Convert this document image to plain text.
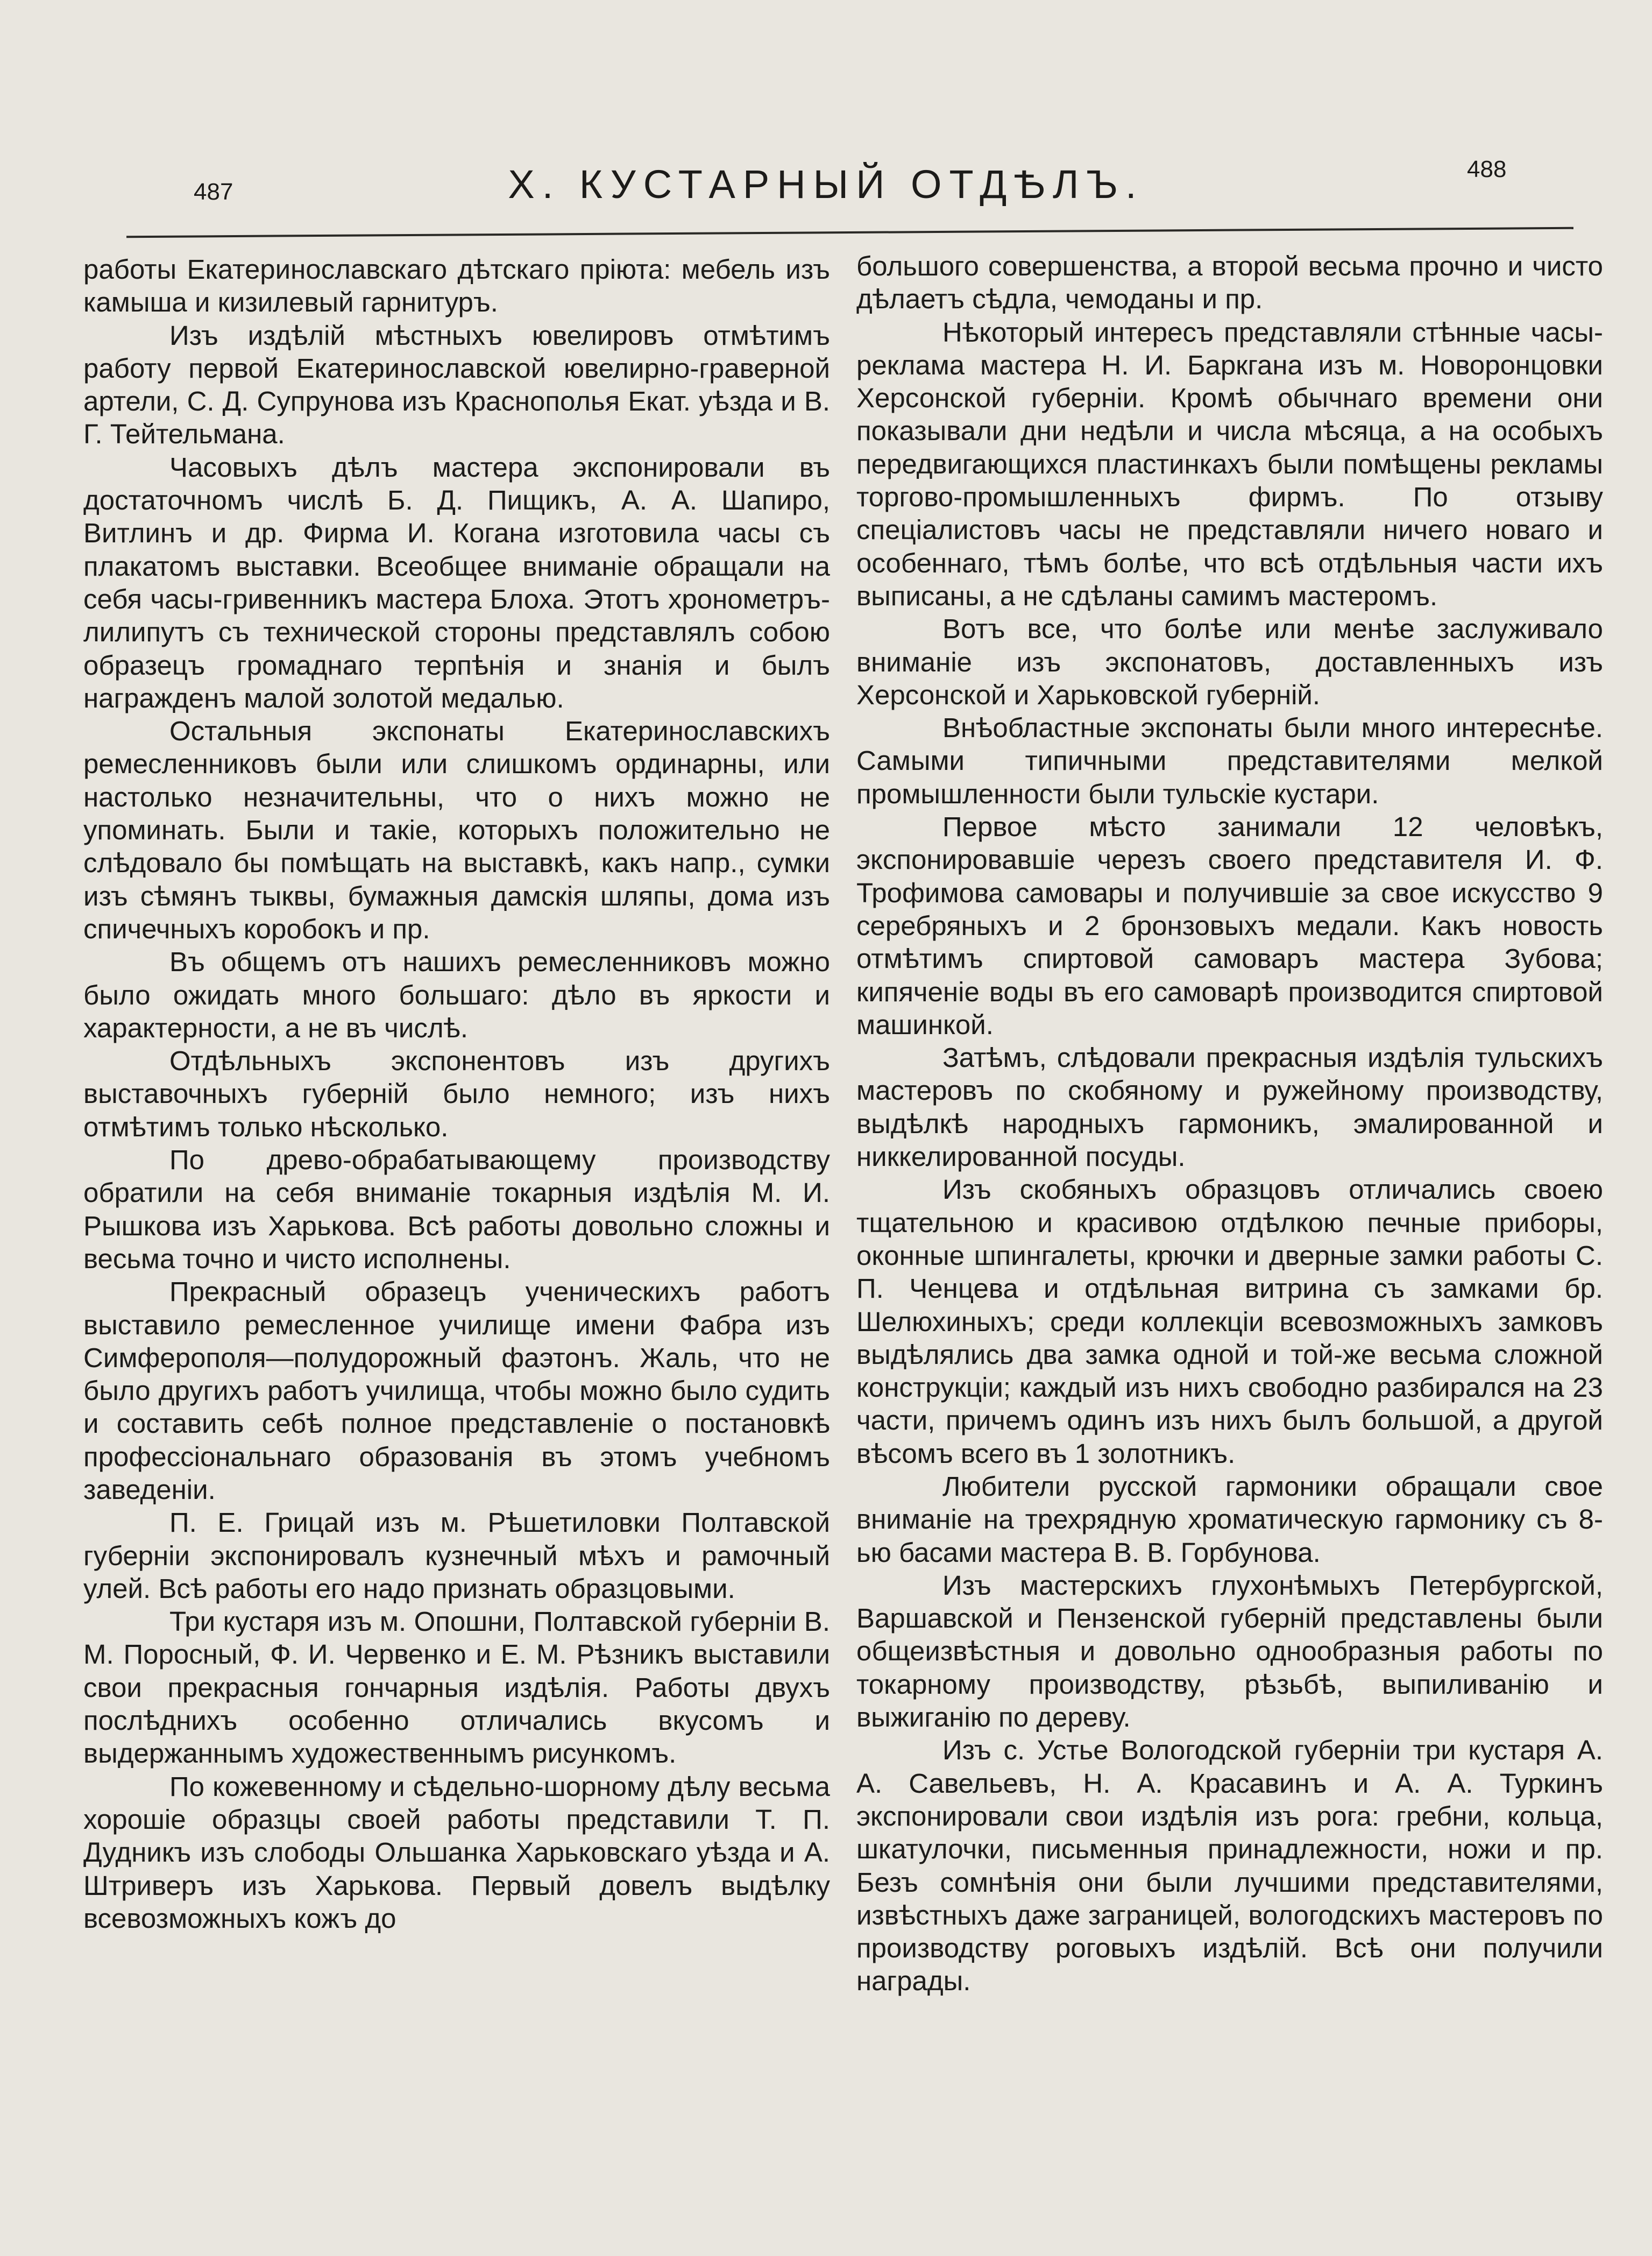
487	X. КУСТАРНЫЙ ОТДѢЛЪ.	488

работы Екатеринославскагo дѣтскагo пріюта: мебель изъ камыша и кизилевый гарнитуръ.

Изъ издѣлій мѣстныхъ ювелировъ отмѣтимъ работу первой Екатеринославской ювелирно-граверной артели, С. Д. Супрунова изъ Краснополья Екат. уѣзда и В. Г. Тейтельмана.

Часовыхъ дѣлъ мастера экспонировали въ достаточномъ числѣ Б. Д. Пищикъ, А. А. Шапиро, Витлинъ и др. Фирма И. Когана изготовила часы съ плакатомъ выставки. Всеобщее вниманіе обращали на себя часы-гривенникъ мастера Блоха. Этотъ хронометръ-лилипутъ съ технической стороны представлялъ собою образецъ громаднаго терпѣнія и знанія и былъ награжденъ малой золотой медалью.

Остальныя экспонаты Екатеринославскихъ ремесленниковъ были или слишкомъ ординарны, или настолько незначительны, что о нихъ можно не упоминать. Были и такіе, которыхъ положительно не слѣдовало бы помѣщать на выставкѣ, какъ напр., сумки изъ сѣмянъ тыквы, бумажныя дамскія шляпы, дома изъ спичечныхъ коробокъ и пр.

Въ общемъ отъ нашихъ ремесленниковъ можно было ожидать много большаго: дѣло въ яркости и характерности, а не въ числѣ.

Отдѣльныхъ экспонентовъ изъ другихъ выставочныхъ губерній было немного; изъ нихъ отмѣтимъ только нѣсколько.

По древо-обрабатывающему производству обратили на себя вниманіе токарныя издѣлія М. И. Рышкова изъ Харькова. Всѣ работы довольно сложны и весьма точно и чисто исполнены.

Прекрасный образецъ ученическихъ работъ выставило ремесленное училище имени Фабра изъ Симферополя—полудорожный фаэтонъ. Жаль, что не было другихъ работъ училища, чтобы можно было судить и составить себѣ полное представленіе о постановкѣ профессіональнаго образованія въ этомъ учебномъ заведеніи.

П. Е. Грицай изъ м. Рѣшетиловки Полтавской губерніи экспонировалъ кузнечный мѣхъ и рамочный улей. Всѣ работы его надо признать образцовыми.

Три кустаря изъ м. Опошни, Полтавской губерніи В. М. Поросный, Ф. И. Червенко и Е. М. Рѣзникъ выставили свои прекрасныя гончарныя издѣлія. Работы двухъ послѣднихъ особенно отличались вкусомъ и выдержаннымъ художественнымъ рисункомъ.

По кожевенному и сѣдельно-шорному дѣлу весьма хорошіе образцы своей работы представили Т. П. Дудникъ изъ слободы Ольшанка Харьковскагo уѣзда и А. Штриверъ изъ Харькова. Первый довелъ выдѣлку всевозможныхъ кожъ до

большого совершенства, а второй весьма прочно и чисто дѣлаетъ сѣдла, чемоданы и пр.

Нѣкоторый интересъ представляли стѣнные часы-реклама мастера Н. И. Баркгана изъ м. Новоронцовки Херсонской губерніи. Кромѣ обычнаго времени они показывали дни недѣли и числа мѣсяца, а на особыхъ передвигающихся пластинкахъ были помѣщены рекламы торгово-промышленныхъ фирмъ. По отзыву спеціалистовъ часы не представляли ничего новаго и особеннаго, тѣмъ болѣе, что всѣ отдѣльныя части ихъ выписаны, а не сдѣланы самимъ мастеромъ.

Вотъ все, что болѣе или менѣе заслуживало вниманіе изъ экспонатовъ, доставленныхъ изъ Херсонской и Харьковской губерній.

Внѣобластные экспонаты были много интереснѣе. Самыми типичными представителями мелкой промышленности были тульскіе кустари.

Первое мѣсто занимали 12 человѣкъ, экспонировавшіе черезъ своего представителя И. Ф. Трофимова самовары и получившіе за свое искусство 9 серебряныхъ и 2 бронзовыхъ медали. Какъ новость отмѣтимъ спиртовой самоваръ мастера Зубова; кипяченіе воды въ его самоварѣ производится спиртовой машинкой.

Затѣмъ, слѣдовали прекрасныя издѣлія тульскихъ мастеровъ по скобяному и ружейному производству, выдѣлкѣ народныхъ гармоникъ, эмалированной и никкелированной посуды.

Изъ скобяныхъ образцовъ отличались своею тщательною и красивою отдѣлкою печные приборы, оконные шпингалеты, крючки и дверные замки работы С. П. Ченцева и отдѣльная витрина съ замками бр. Шелюхиныхъ; среди коллекціи всевозможныхъ замковъ выдѣлялись два замка одной и той-же весьма сложной конструкціи; каждый изъ нихъ свободно разбирался на 23 части, причемъ одинъ изъ нихъ былъ большой, а другой вѣсомъ всего въ 1 золотникъ.

Любители русской гармоники обращали свое вниманіе на трехрядную хроматическую гармонику съ 8-ью басами мастера В. В. Горбунова.

Изъ мастерскихъ глухонѣмыхъ Петербургской, Варшавской и Пензенской губерній представлены были общеизвѣстныя и довольно однообразныя работы по токарному производству, рѣзьбѣ, выпиливанію и выжиганію по дереву.

Изъ с. Устье Вологодской губерніи три кустаря А. А. Савельевъ, Н. А. Красавинъ и А. А. Туркинъ экспонировали свои издѣлія изъ рога: гребни, кольца, шкатулочки, письменныя принадлежности, ножи и пр. Безъ сомнѣнія они были лучшими представителями, извѣстныхъ даже заграницей, вологодскихъ мастеровъ по производству роговыхъ издѣлій. Всѣ они получили награды.
